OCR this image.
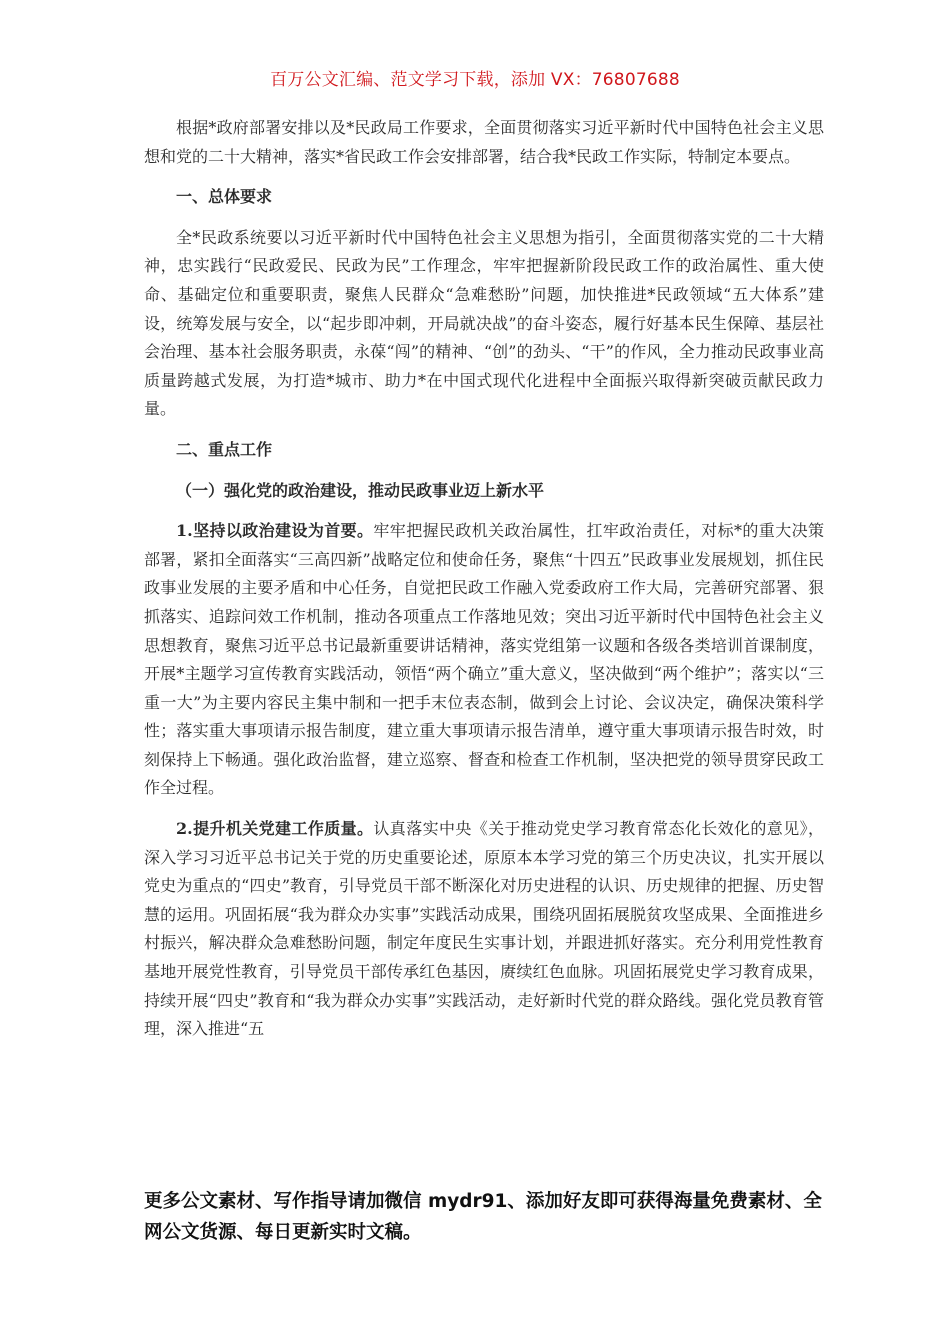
百万公文汇编、范文学习下载，添加 VX：76807688

根据*政府部署安排以及*民政局工作要求，全面贯彻落实习近平新时代中国特色社会主义思想和党的二十大精神，落实*省民政工作会安排部署，结合我*民政工作实际，特制定本要点。

一、总体要求

全*民政系统要以习近平新时代中国特色社会主义思想为指引，全面贯彻落实党的二十大精神，忠实践行“民政爱民、民政为民”工作理念，牢牢把握新阶段民政工作的政治属性、重大使命、基础定位和重要职责，聚焦人民群众“急难愁盼”问题，加快推进*民政领域“五大体系”建设，统筹发展与安全，以“起步即冲刺，开局就决战”的奋斗姿态，履行好基本民生保障、基层社会治理、基本社会服务职责，永葆“闯”的精神、“创”的劲头、“干”的作风，全力推动民政事业高质量跨越式发展，为打造*城市、助力*在中国式现代化进程中全面振兴取得新突破贡献民政力量。

二、重点工作

（一）强化党的政治建设，推动民政事业迈上新水平

1.坚持以政治建设为首要。牢牢把握民政机关政治属性，扛牢政治责任，对标*的重大决策部署，紧扣全面落实“三高四新”战略定位和使命任务，聚焦“十四五”民政事业发展规划，抓住民政事业发展的主要矛盾和中心任务，自觉把民政工作融入党委政府工作大局，完善研究部署、狠抓落实、追踪问效工作机制，推动各项重点工作落地见效；突出习近平新时代中国特色社会主义思想教育，聚焦习近平总书记最新重要讲话精神，落实党组第一议题和各级各类培训首课制度，开展*主题学习宣传教育实践活动，领悟“两个确立”重大意义，坚决做到“两个维护”；落实以“三重一大”为主要内容民主集中制和一把手末位表态制，做到会上讨论、会议决定，确保决策科学性；落实重大事项请示报告制度，建立重大事项请示报告清单，遵守重大事项请示报告时效，时刻保持上下畅通。强化政治监督，建立巡察、督查和检查工作机制，坚决把党的领导贯穿民政工作全过程。

2.提升机关党建工作质量。认真落实中央《关于推动党史学习教育常态化长效化的意见》，深入学习习近平总书记关于党的历史重要论述，原原本本学习党的第三个历史决议，扎实开展以党史为重点的“四史”教育，引导党员干部不断深化对历史进程的认识、历史规律的把握、历史智慧的运用。巩固拓展“我为群众办实事”实践活动成果，围绕巩固拓展脱贫攻坚成果、全面推进乡村振兴，解决群众急难愁盼问题，制定年度民生实事计划，并跟进抓好落实。充分利用党性教育基地开展党性教育，引导党员干部传承红色基因，赓续红色血脉。巩固拓展党史学习教育成果，持续开展“四史”教育和“我为群众办实事”实践活动，走好新时代党的群众路线。强化党员教育管理，深入推进“五

更多公文素材、写作指导请加微信 mydr91、添加好友即可获得海量免费素材、全网公文货源、每日更新实时文稿。
